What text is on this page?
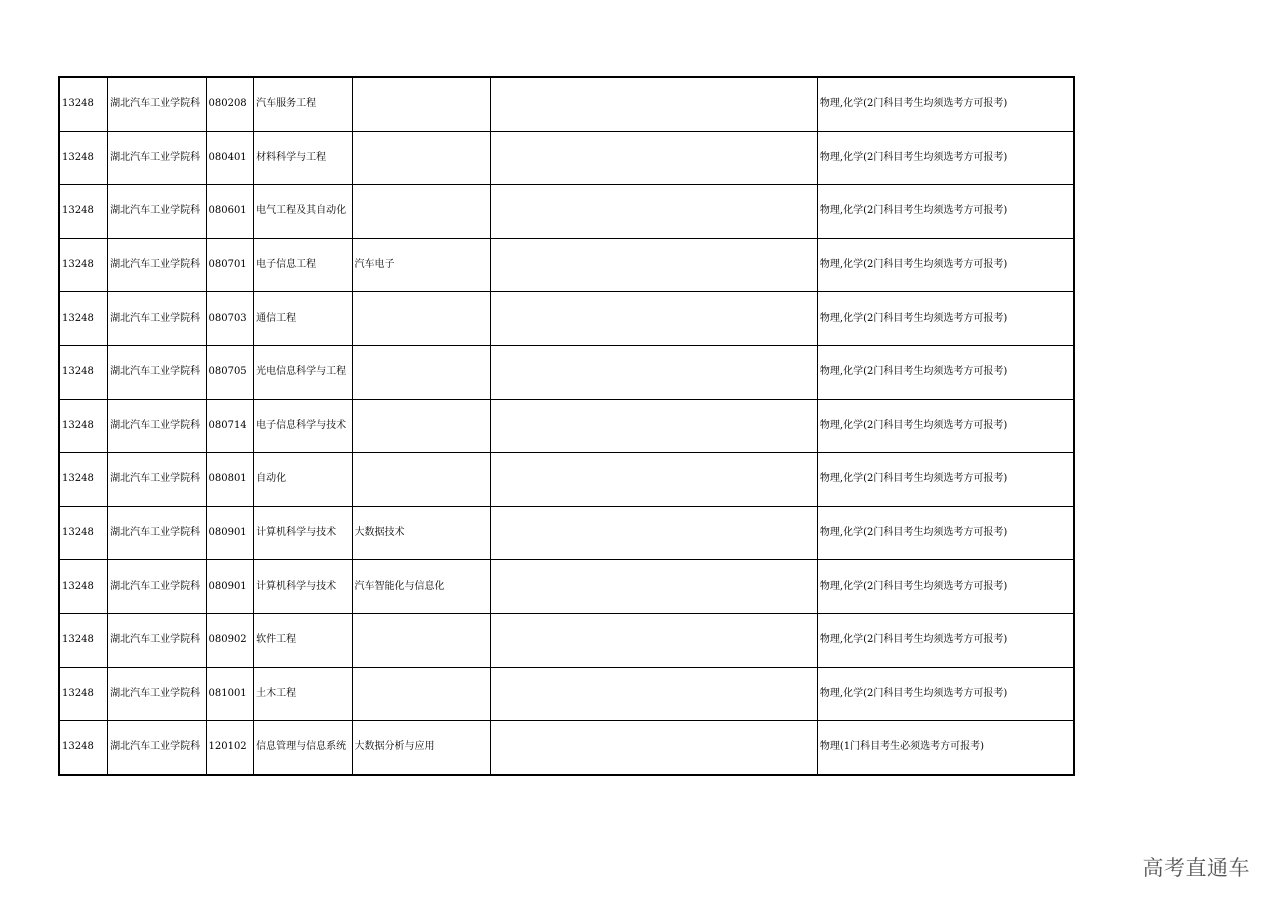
13248	湖北汽车工业学院科	080208	汽车服务工程			物理,化学(2门科目考生均须选考方可报考)
13248	湖北汽车工业学院科	080401	材料科学与工程			物理,化学(2门科目考生均须选考方可报考)
13248	湖北汽车工业学院科	080601	电气工程及其自动化			物理,化学(2门科目考生均须选考方可报考)
13248	湖北汽车工业学院科	080701	电子信息工程	汽车电子		物理,化学(2门科目考生均须选考方可报考)
13248	湖北汽车工业学院科	080703	通信工程			物理,化学(2门科目考生均须选考方可报考)
13248	湖北汽车工业学院科	080705	光电信息科学与工程			物理,化学(2门科目考生均须选考方可报考)
13248	湖北汽车工业学院科	080714	电子信息科学与技术			物理,化学(2门科目考生均须选考方可报考)
13248	湖北汽车工业学院科	080801	自动化			物理,化学(2门科目考生均须选考方可报考)
13248	湖北汽车工业学院科	080901	计算机科学与技术	大数据技术		物理,化学(2门科目考生均须选考方可报考)
13248	湖北汽车工业学院科	080901	计算机科学与技术	汽车智能化与信息化		物理,化学(2门科目考生均须选考方可报考)
13248	湖北汽车工业学院科	080902	软件工程			物理,化学(2门科目考生均须选考方可报考)
13248	湖北汽车工业学院科	081001	土木工程			物理,化学(2门科目考生均须选考方可报考)
13248	湖北汽车工业学院科	120102	信息管理与信息系统	大数据分析与应用		物理(1门科目考生必须选考方可报考)
高考直通车
